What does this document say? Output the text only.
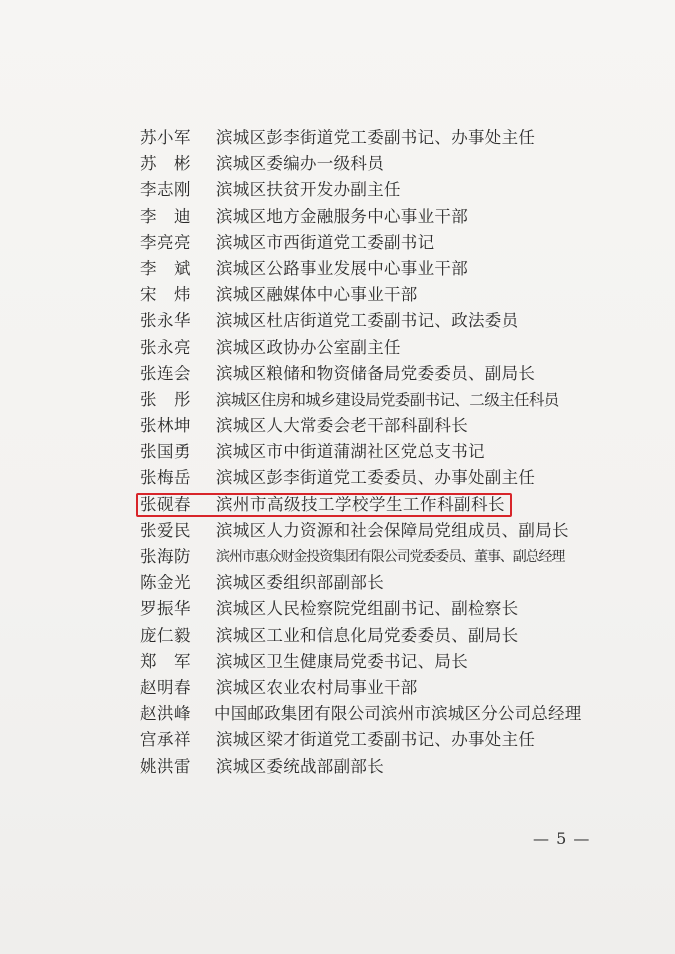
苏小军 滨城区彭李街道党工委副书记、办事处主任
苏　彬 滨城区委编办一级科员
李志刚 滨城区扶贫开发办副主任
李　迪 滨城区地方金融服务中心事业干部
李亮亮 滨城区市西街道党工委副书记
李　斌 滨城区公路事业发展中心事业干部
宋　炜 滨城区融媒体中心事业干部
张永华 滨城区杜店街道党工委副书记、政法委员
张永亮 滨城区政协办公室副主任
张连会 滨城区粮储和物资储备局党委委员、副局长
张　彤 滨城区住房和城乡建设局党委副书记、二级主任科员
张林坤 滨城区人大常委会老干部科副科长
张国勇 滨城区市中街道蒲湖社区党总支书记
张梅岳 滨城区彭李街道党工委委员、办事处副主任
张砚春 滨州市高级技工学校学生工作科副科长
张爱民 滨城区人力资源和社会保障局党组成员、副局长
张海防 滨州市惠众财金投资集团有限公司党委委员、董事、副总经理
陈金光 滨城区委组织部副部长
罗振华 滨城区人民检察院党组副书记、副检察长
庞仁毅 滨城区工业和信息化局党委委员、副局长
郑　军 滨城区卫生健康局党委书记、局长
赵明春 滨城区农业农村局事业干部
赵洪峰 中国邮政集团有限公司滨州市滨城区分公司总经理
宫承祥 滨城区梁才街道党工委副书记、办事处主任
姚洪雷 滨城区委统战部副部长
— 5 —
